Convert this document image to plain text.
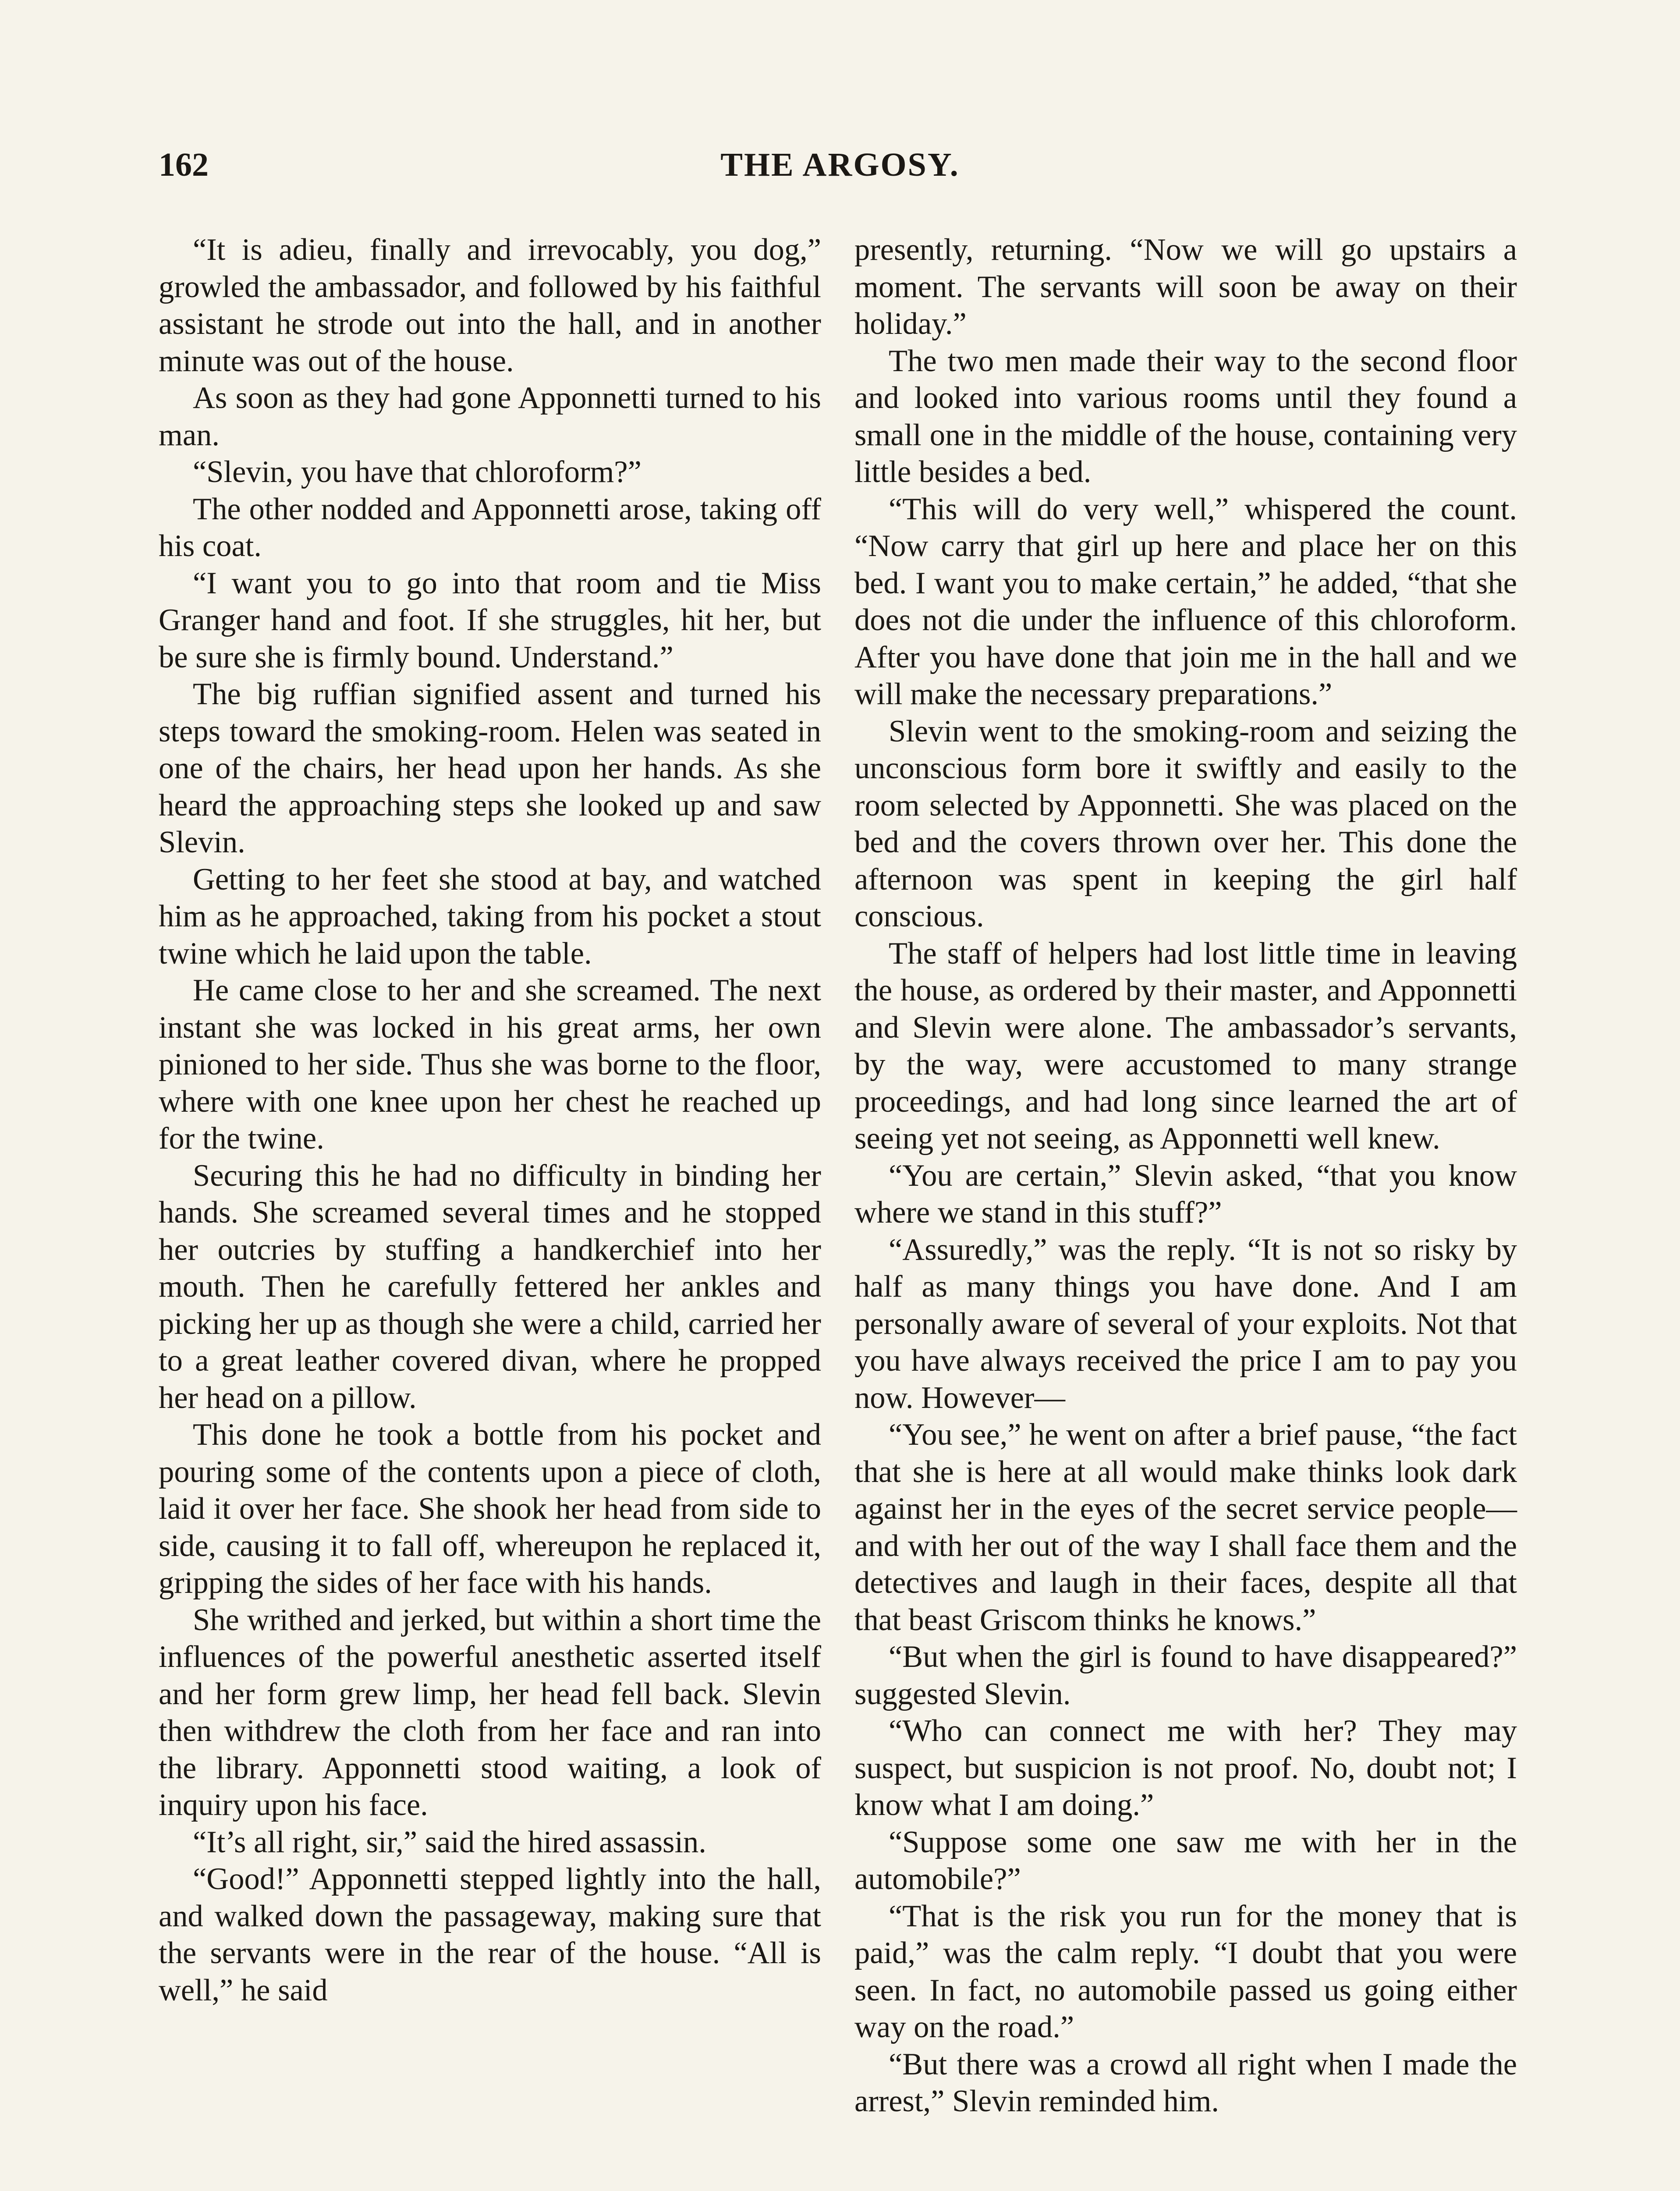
162	THE ARGOSY.

“It is adieu, finally and irrevocably, you dog,” growled the ambassador, and followed by his faithful assistant he strode out into the hall, and in another minute was out of the house.

As soon as they had gone Apponnetti turned to his man.

“Slevin, you have that chloroform?”

The other nodded and Apponnetti arose, taking off his coat.

“I want you to go into that room and tie Miss Granger hand and foot. If she struggles, hit her, but be sure she is firmly bound. Understand.”

The big ruffian signified assent and turned his steps toward the smoking-room. Helen was seated in one of the chairs, her head upon her hands. As she heard the approaching steps she looked up and saw Slevin.

Getting to her feet she stood at bay, and watched him as he approached, taking from his pocket a stout twine which he laid upon the table.

He came close to her and she screamed. The next instant she was locked in his great arms, her own pinioned to her side. Thus she was borne to the floor, where with one knee upon her chest he reached up for the twine.

Securing this he had no difficulty in binding her hands. She screamed several times and he stopped her outcries by stuffing a handkerchief into her mouth. Then he carefully fettered her ankles and picking her up as though she were a child, carried her to a great leather covered divan, where he propped her head on a pillow.

This done he took a bottle from his pocket and pouring some of the contents upon a piece of cloth, laid it over her face. She shook her head from side to side, causing it to fall off, whereupon he replaced it, gripping the sides of her face with his hands.

She writhed and jerked, but within a short time the influences of the powerful anesthetic asserted itself and her form grew limp, her head fell back. Slevin then withdrew the cloth from her face and ran into the library. Apponnetti stood waiting, a look of inquiry upon his face.

“It’s all right, sir,” said the hired assassin.

“Good!” Apponnetti stepped lightly into the hall, and walked down the passageway, making sure that the servants were in the rear of the house. “All is well,” he said

presently, returning. “Now we will go upstairs a moment. The servants will soon be away on their holiday.”

The two men made their way to the second floor and looked into various rooms until they found a small one in the middle of the house, containing very little besides a bed.

“This will do very well,” whispered the count. “Now carry that girl up here and place her on this bed. I want you to make certain,” he added, “that she does not die under the influence of this chloroform. After you have done that join me in the hall and we will make the necessary preparations.”

Slevin went to the smoking-room and seizing the unconscious form bore it swiftly and easily to the room selected by Apponnetti. She was placed on the bed and the covers thrown over her. This done the afternoon was spent in keeping the girl half conscious.

The staff of helpers had lost little time in leaving the house, as ordered by their master, and Apponnetti and Slevin were alone. The ambassador’s servants, by the way, were accustomed to many strange proceedings, and had long since learned the art of seeing yet not seeing, as Apponnetti well knew.

“You are certain,” Slevin asked, “that you know where we stand in this stuff?”

“Assuredly,” was the reply. “It is not so risky by half as many things you have done. And I am personally aware of several of your exploits. Not that you have always received the price I am to pay you now. However—

“You see,” he went on after a brief pause, “the fact that she is here at all would make thinks look dark against her in the eyes of the secret service people—and with her out of the way I shall face them and the detectives and laugh in their faces, despite all that that beast Griscom thinks he knows.”

“But when the girl is found to have disappeared?” suggested Slevin.

“Who can connect me with her? They may suspect, but suspicion is not proof. No, doubt not; I know what I am doing.”

“Suppose some one saw me with her in the automobile?”

“That is the risk you run for the money that is paid,” was the calm reply. “I doubt that you were seen. In fact, no automobile passed us going either way on the road.”

“But there was a crowd all right when I made the arrest,” Slevin reminded him.
